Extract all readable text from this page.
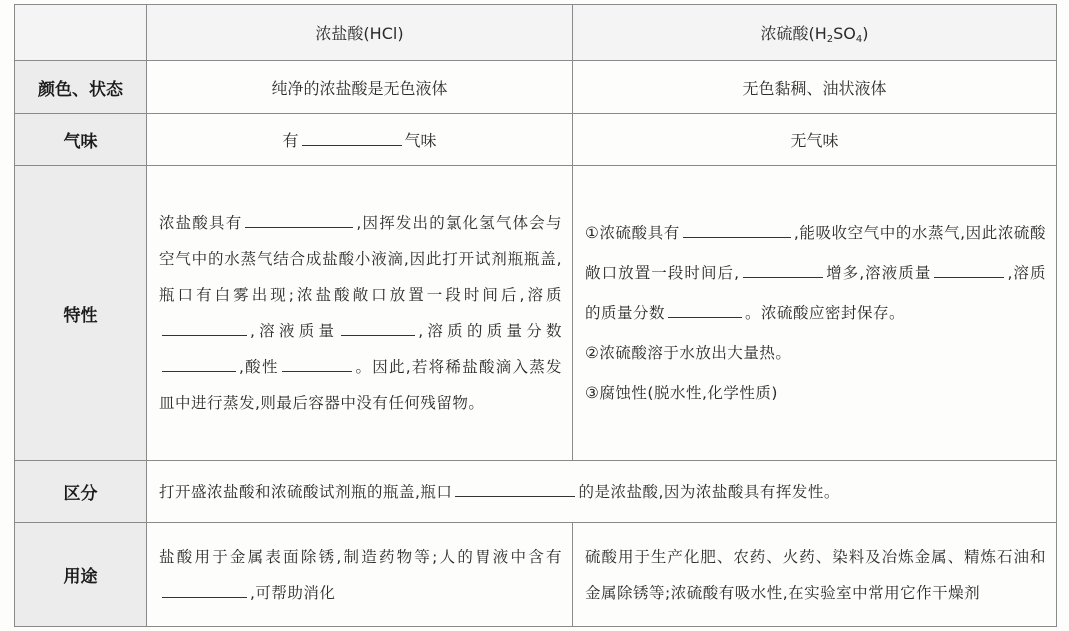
	浓盐酸(HCl)	浓硫酸$(H_2SO_4)$
颜色、状态	纯净的浓盐酸是无色液体	无色黏稠、油状液体
气味	有 气味	无气味
特性	浓盐酸具有 ,因挥发出的氯化氢气体会与空气中的水蒸气结合成盐酸小液滴,因此打开试剂瓶瓶盖,瓶口有白雾出现;浓盐酸敞口放置一段时间后,溶质,溶液质量 ,溶质的质量分数,酸性 。因此,若将稀盐酸滴入蒸发皿中进行蒸发,则最后容器中没有任何残留物。	①浓硫酸具有 ,能吸收空气中的水蒸气,因此浓硫酸敞口放置一段时间后, 增多,溶液质量 ,溶质的质量分数 。浓硫酸应密封保存。
②浓硫酸溶于水放出大量热。
③腐蚀性(脱水性,化学性质)

区分	打开盛浓盐酸和浓硫酸试剂瓶的瓶盖,瓶口 的是浓盐酸,因为浓盐酸具有挥发性。	
用途	盐酸用于金属表面除锈,制造药物等;人的胃液中含有,可帮助消化	硫酸用于生产化肥、农药、火药、染料及冶炼金属、精炼石油和金属除锈等;浓硫酸有吸水性,在实验室中常用它作干燥剂
